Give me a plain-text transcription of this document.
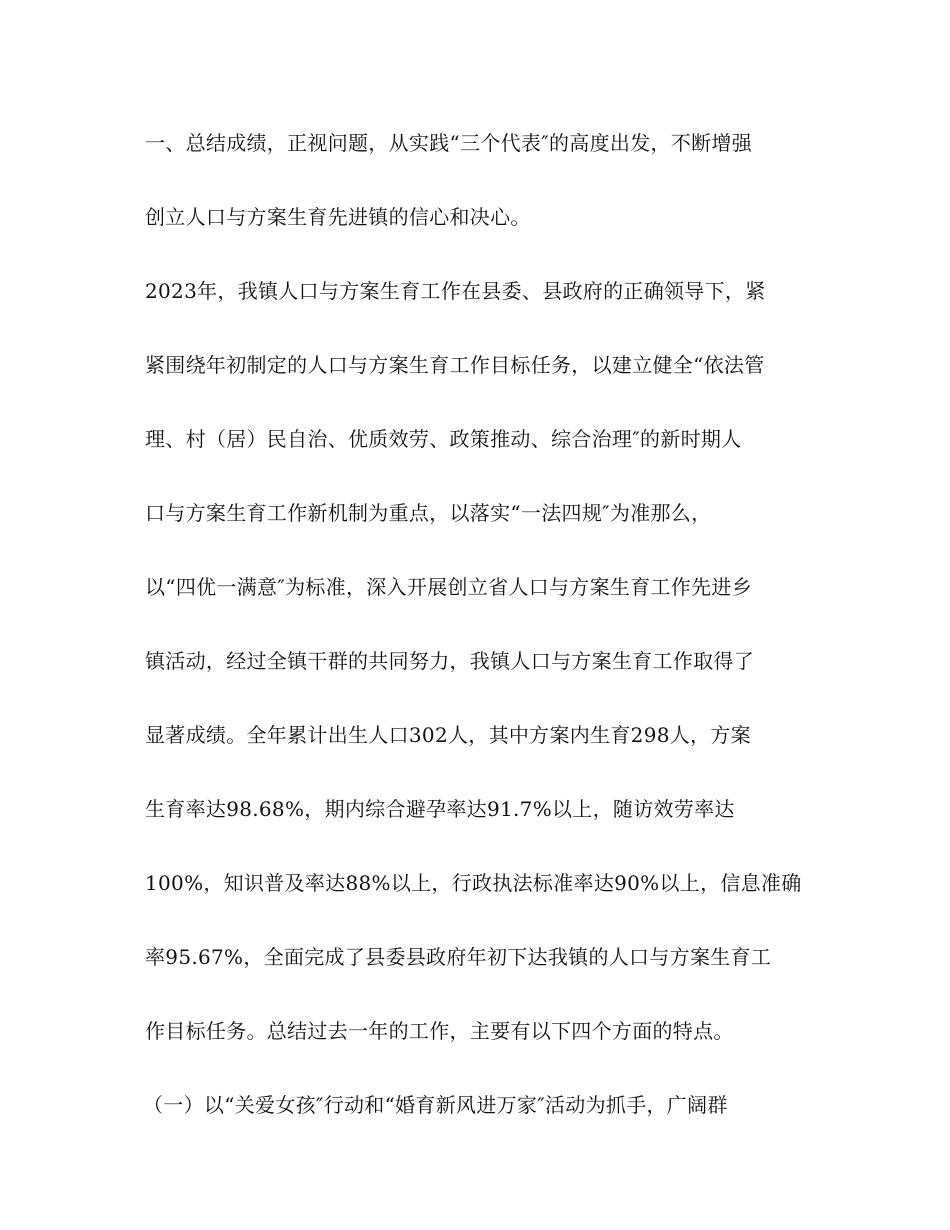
一、总结成绩，正视问题，从实践“三个代表″的高度出发，不断增强
创立人口与方案生育先进镇的信心和决心。
2023年，我镇人口与方案生育工作在县委、县政府的正确领导下，紧
紧围绕年初制定的人口与方案生育工作目标任务，以建立健全“依法管
理、村（居）民自治、优质效劳、政策推动、综合治理″的新时期人
口与方案生育工作新机制为重点，以落实“一法四规″为准那么，
以“四优一满意″为标准，深入开展创立省人口与方案生育工作先进乡
镇活动，经过全镇干群的共同努力，我镇人口与方案生育工作取得了
显著成绩。全年累计出生人口302人，其中方案内生育298人，方案
生育率达98.68%，期内综合避孕率达91.7%以上，随访效劳率达
100%，知识普及率达88%以上，行政执法标准率达90%以上，信息准确
率95.67%，全面完成了县委县政府年初下达我镇的人口与方案生育工
作目标任务。总结过去一年的工作，主要有以下四个方面的特点。
（一）以“关爱女孩″行动和“婚育新风进万家″活动为抓手，广阔群
